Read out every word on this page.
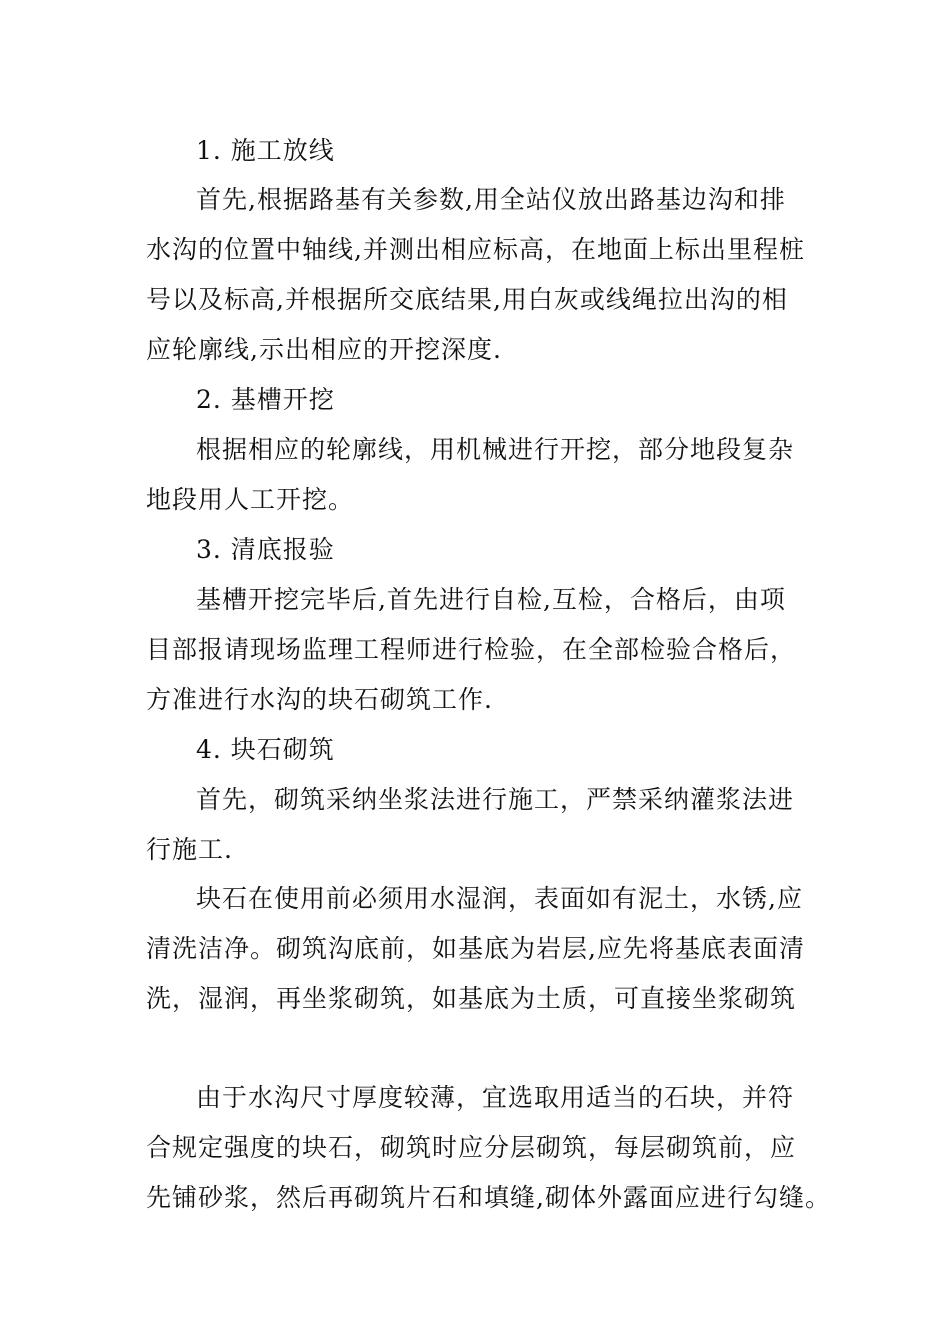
1. 施工放线
首先,根据路基有关参数,用全站仪放出路基边沟和排
水沟的位置中轴线,并测出相应标高，在地面上标出里程桩
号以及标高,并根据所交底结果,用白灰或线绳拉出沟的相
应轮廓线,示出相应的开挖深度.
2. 基槽开挖
根据相应的轮廓线，用机械进行开挖，部分地段复杂
地段用人工开挖。
3. 清底报验
基槽开挖完毕后,首先进行自检,互检，合格后，由项
目部报请现场监理工程师进行检验，在全部检验合格后，
方准进行水沟的块石砌筑工作.
4. 块石砌筑
首先，砌筑采纳坐浆法进行施工，严禁采纳灌浆法进
行施工.
块石在使用前必须用水湿润，表面如有泥土，水锈,应
清洗洁净。砌筑沟底前，如基底为岩层,应先将基底表面清
洗，湿润，再坐浆砌筑，如基底为土质，可直接坐浆砌筑
由于水沟尺寸厚度较薄，宜选取用适当的石块，并符
合规定强度的块石，砌筑时应分层砌筑，每层砌筑前，应
先铺砂浆，然后再砌筑片石和填缝,砌体外露面应进行勾缝。
